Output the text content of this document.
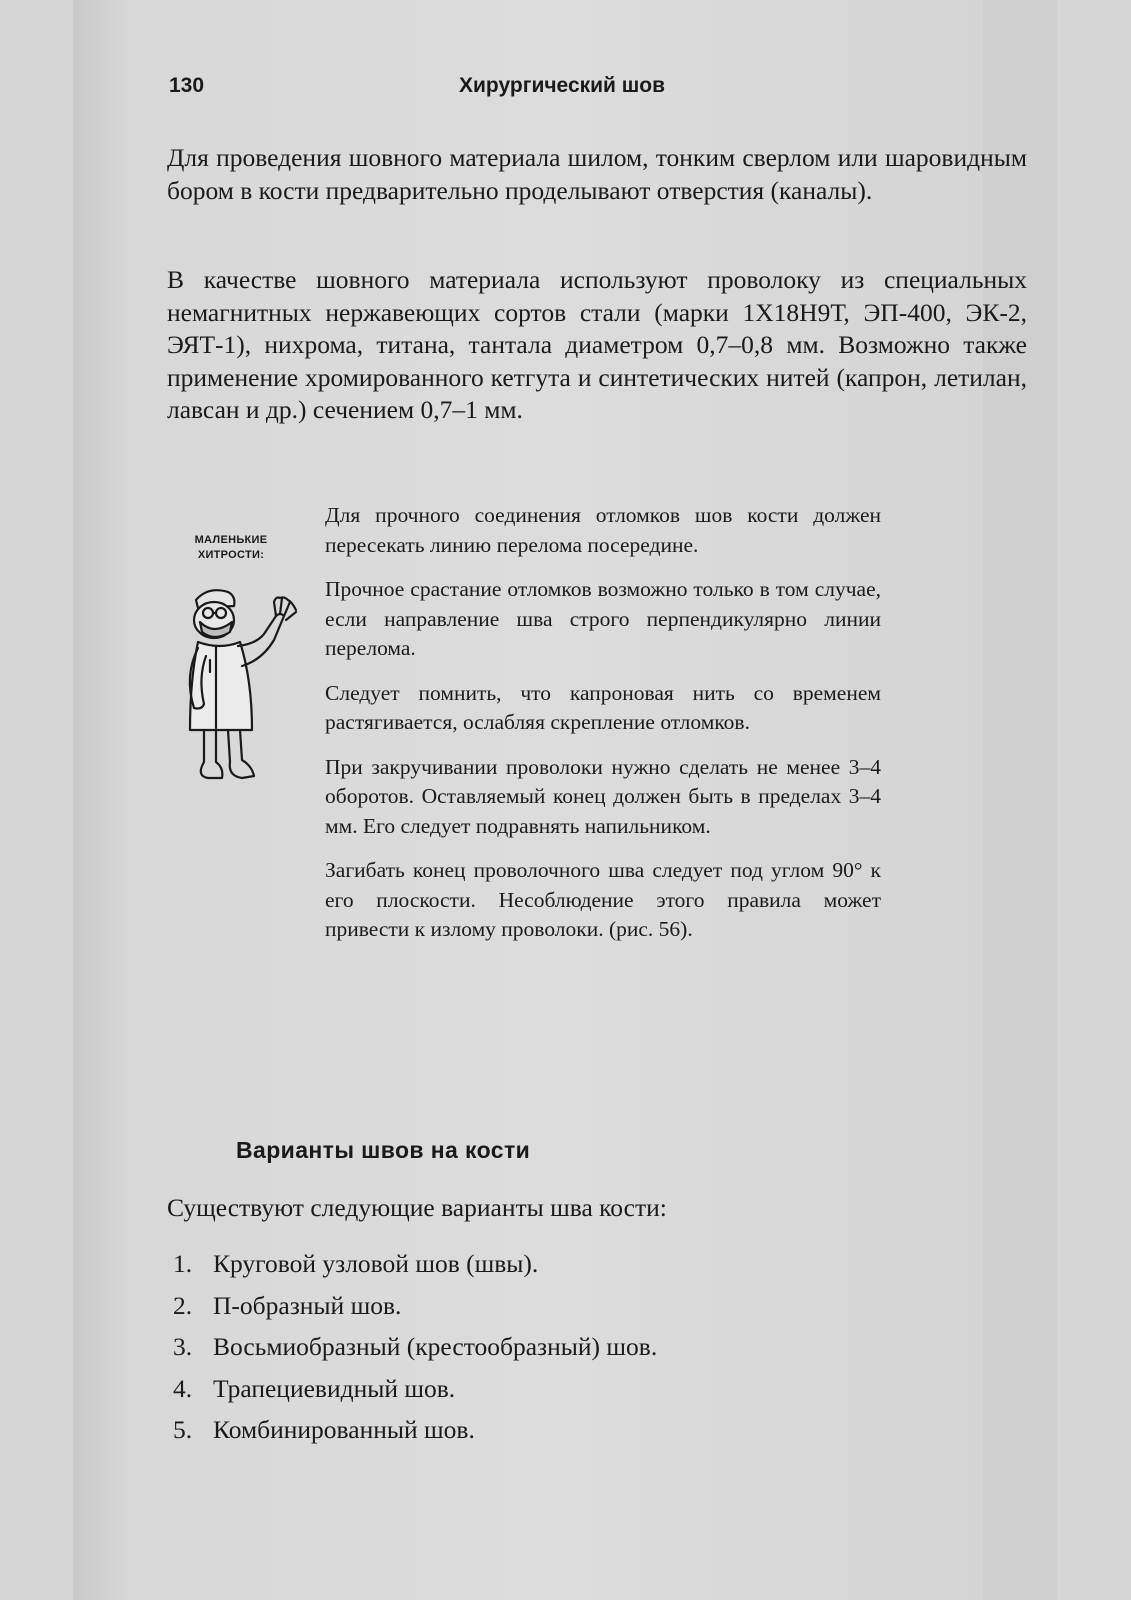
130	Хирургический шов

Для проведения шовного материала шилом, тонким сверлом или шаровидным бором в кости предварительно проделывают отверстия (каналы).

В качестве шовного материала используют проволоку из специальных немагнитных нержавеющих сортов стали (марки 1Х18Н9Т, ЭП-400, ЭК-2, ЭЯТ-1), нихрома, титана, тантала диаметром 0,7–0,8 мм. Возможно также применение хромированного кетгута и синтетических нитей (капрон, летилан, лавсан и др.) сечением 0,7–1 мм.

МАЛЕНЬКИЕ
ХИТРОСТИ:

Для прочного соединения отломков шов кости должен пересекать линию перелома посередине.

Прочное срастание отломков возможно только в том случае, если направление шва строго перпендикулярно линии перелома.

Следует помнить, что капроновая нить со временем растягивается, ослабляя скрепление отломков.

При закручивании проволоки нужно сделать не менее 3–4 оборотов. Оставляемый конец должен быть в пределах 3–4 мм. Его следует подравнять напильником.

Загибать конец проволочного шва следует под углом 90° к его плоскости. Несоблюдение этого правила может привести к излому проволоки. (рис. 56).

Варианты швов на кости
Существуют следующие варианты шва кости:
1. Круговой узловой шов (швы).
2. П-образный шов.
3. Восьмиобразный (крестообразный) шов.
4. Трапециевидный шов.
5. Комбинированный шов.
